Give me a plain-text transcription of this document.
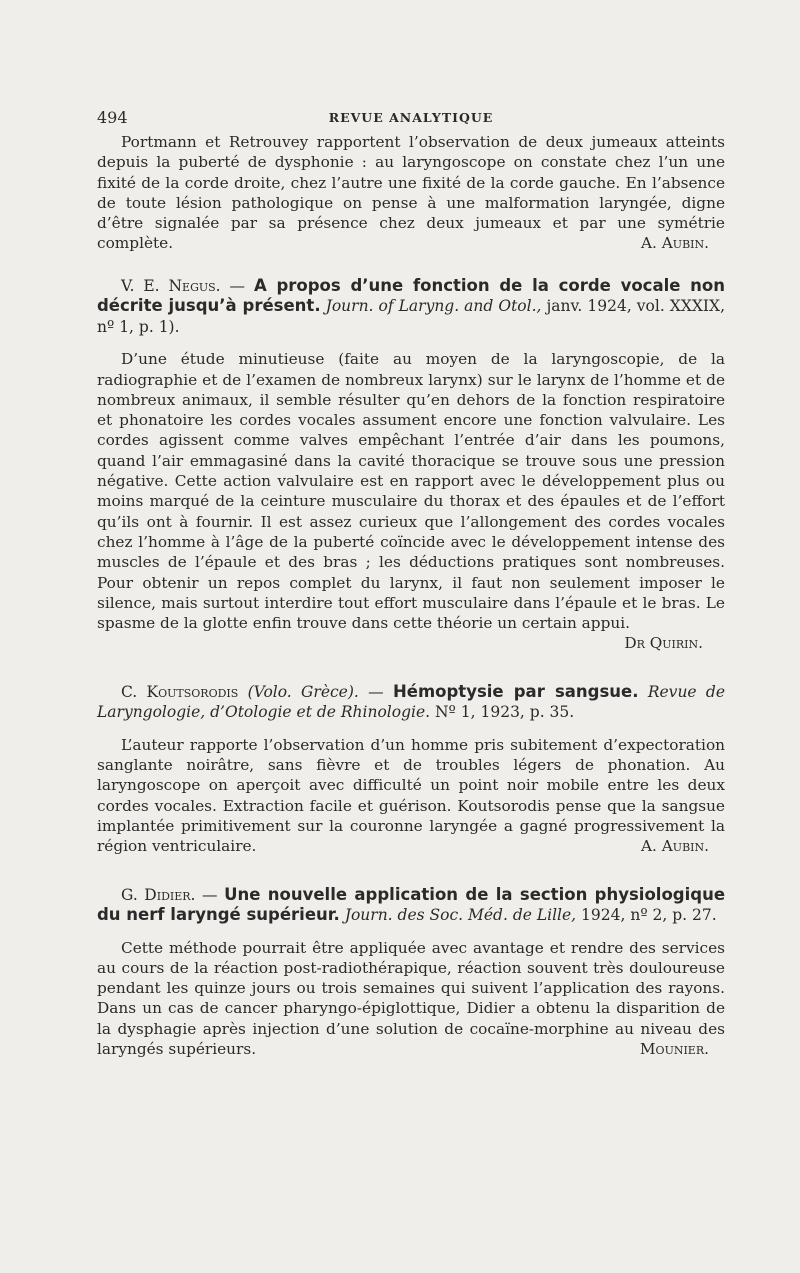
494	REVUE ANALYTIQUE

Portmann et Retrouvey rapportent l’observation de deux jumeaux atteints depuis la puberté de dysphonie : au laryngoscope on constate chez l’un une fixité de la corde droite, chez l’autre une fixité de la corde gauche. En l’absence de toute lésion pathologique on pense à une malformation laryngée, digne d’être signalée par sa présence chez deux jumeaux et par une symétrie complète.	A. Aubin.

V. E. Negus. — A propos d’une fonction de la corde vocale non décrite jusqu’à présent. Journ. of Laryng. and Otol., janv. 1924, vol. XXXIX, nº 1, p. 1).

D’une étude minutieuse (faite au moyen de la laryngoscopie, de la radiographie et de l’examen de nombreux larynx) sur le larynx de l’homme et de nombreux animaux, il semble résulter qu’en dehors de la fonction respiratoire et phonatoire les cordes vocales assument encore une fonction valvulaire. Les cordes agissent comme valves empêchant l’entrée d’air dans les poumons, quand l’air emmagasiné dans la cavité thoracique se trouve sous une pression négative. Cette action valvulaire est en rapport avec le développement plus ou moins marqué de la ceinture musculaire du thorax et des épaules et de l’effort qu’ils ont à fournir. Il est assez curieux que l’allongement des cordes vocales chez l’homme à l’âge de la puberté coïncide avec le développement intense des muscles de l’épaule et des bras ; les déductions pratiques sont nombreuses. Pour obtenir un repos complet du larynx, il faut non seulement imposer le silence, mais surtout interdire tout effort musculaire dans l’épaule et le bras. Le spasme de la glotte enfin trouve dans cette théorie un certain appui.

Dr Quirin.

C. Koutsorodis (Volo. Grèce). — Hémoptysie par sangsue. Revue de Laryngologie, d’Otologie et de Rhinologie. Nº 1, 1923, p. 35.

L’auteur rapporte l’observation d’un homme pris subitement d’expectoration sanglante noirâtre, sans fièvre et de troubles légers de phonation. Au laryngoscope on aperçoit avec difficulté un point noir mobile entre les deux cordes vocales. Extraction facile et guérison. Koutsorodis pense que la sangsue implantée primitivement sur la couronne laryngée a gagné progressivement la région ventriculaire.	A. Aubin.

G. Didier. — Une nouvelle application de la section physiologique du nerf laryngé supérieur. Journ. des Soc. Méd. de Lille, 1924, nº 2, p. 27.

Cette méthode pourrait être appliquée avec avantage et rendre des services au cours de la réaction post-radiothérapique, réaction souvent très douloureuse pendant les quinze jours ou trois semaines qui suivent l’application des rayons. Dans un cas de cancer pharyngo-épiglottique, Didier a obtenu la disparition de la dysphagie après injection d’une solution de cocaïne-morphine au niveau des laryngés supérieurs.	Mounier.
